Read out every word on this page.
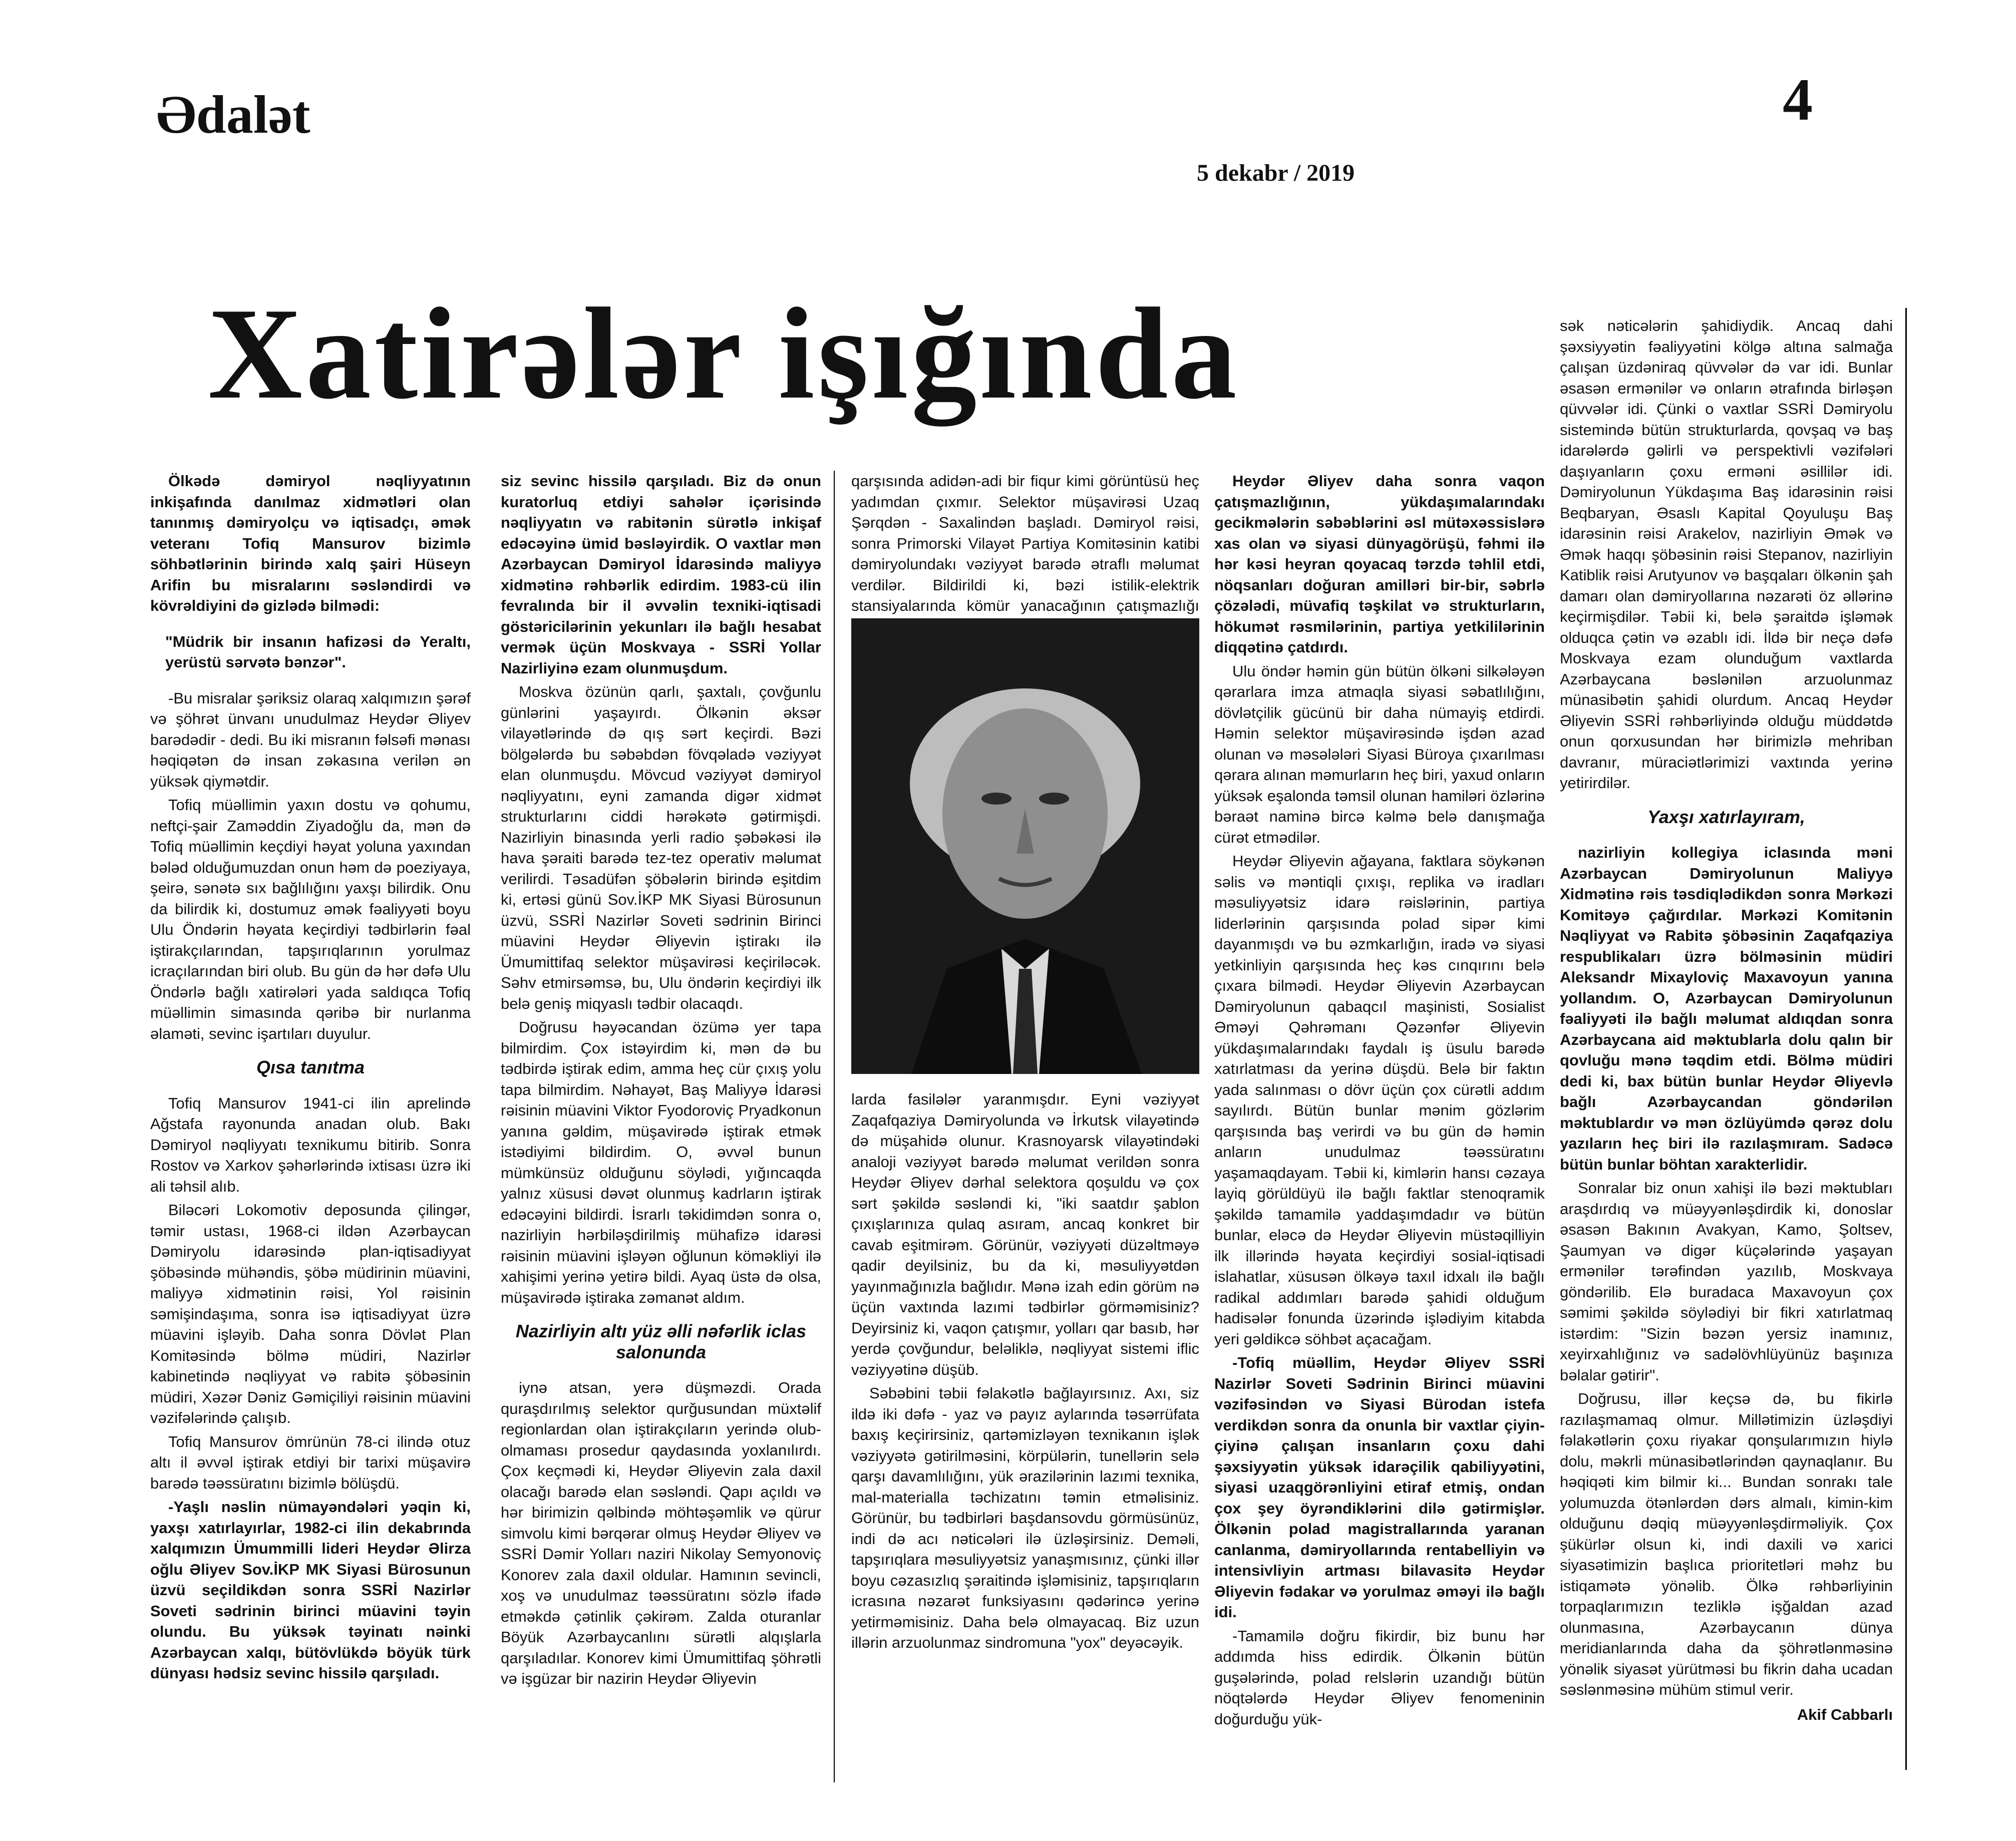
Ədalət	4
5 dekabr / 2019
Xatirələr işığında

Ölkədə dəmiryol nəqliyyatının inkişafında danılmaz xidmətləri olan tanınmış dəmiryolçu və iqtisadçı, əmək veteranı Tofiq Mansurov bizimlə söhbətlərinin birində xalq şairi Hüseyn Arifin bu misralarını səsləndirdi və kövrəldiyini də gizlədə bilmədi:

"Müdrik bir insanın hafizəsi də Yeraltı, yerüstü sərvətə bənzər".

-Bu misralar şəriksiz olaraq xalqımızın şərəf və şöhrət ünvanı unudulmaz Heydər Əliyev barədədir - dedi. Bu iki misranın fəlsəfi mənası həqiqətən də insan zəkasına verilən ən yüksək qiymətdir.

Tofiq müəllimin yaxın dostu və qohumu, neftçi-şair Zaməddin Ziyadoğlu da, mən də Tofiq müəllimin keçdiyi həyat yoluna yaxından bələd olduğumuzdan onun həm də poeziyaya, şeirə, sənətə sıx bağlılığını yaxşı bilirdik. Onu da bilirdik ki, dostumuz əmək fəaliyyəti boyu Ulu Öndərin həyata keçirdiyi tədbirlərin fəal iştirakçılarından, tapşırıqlarının yorulmaz icraçılarından biri olub. Bu gün də hər dəfə Ulu Öndərlə bağlı xatirələri yada saldıqca Tofiq müəllimin simasında qəribə bir nurlanma əlaməti, sevinc işartıları duyulur.

Qısa tanıtma

Tofiq Mansurov 1941-ci ilin aprelində Ağstafa rayonunda anadan olub. Bakı Dəmiryol nəqliyyatı texnikumu bitirib. Sonra Rostov və Xarkov şəhərlərində ixtisası üzrə iki ali təhsil alıb.

Biləcəri Lokomotiv deposunda çilingər, təmir ustası, 1968-ci ildən Azərbaycan Dəmiryolu idarəsində plan-iqtisadiyyat şöbəsində mühəndis, şöbə müdirinin müavini, maliyyə xidmətinin rəisi, Yol rəisinin səmişindaşıma, sonra isə iqtisadiyyat üzrə müavini işləyib. Daha sonra Dövlət Plan Komitəsində bölmə müdiri, Nazirlər kabinetində nəqliyyat və rabitə şöbəsinin müdiri, Xəzər Dəniz Gəmiçiliyi rəisinin müavini vəzifələrində çalışıb.

Tofiq Mansurov ömrünün 78-ci ilində otuz altı il əvvəl iştirak etdiyi bir tarixi müşavirə barədə təəssüratını bizimlə bölüşdü.

-Yaşlı nəslin nümayəndələri yəqin ki, yaxşı xatırlayırlar, 1982-ci ilin dekabrında xalqımızın Ümummilli lideri Heydər Əlirza oğlu Əliyev Sov.İKP MK Siyasi Bürosunun üzvü seçildikdən sonra SSRİ Nazirlər Soveti sədrinin birinci müavini təyin olundu. Bu yüksək təyinatı nəinki Azərbaycan xalqı, bütövlükdə böyük türk dünyası hədsiz sevinc hissilə qarşıladı.

siz sevinc hissilə qarşıladı. Biz də onun kuratorluq etdiyi sahələr içərisində nəqliyyatın və rabitənin sürətlə inkişaf edəcəyinə ümid bəsləyirdik. O vaxtlar mən Azərbaycan Dəmiryol İdarəsində maliyyə xidmətinə rəhbərlik edirdim. 1983-cü ilin fevralında bir il əvvəlin texniki-iqtisadi göstəricilərinin yekunları ilə bağlı hesabat vermək üçün Moskvaya - SSRİ Yollar Nazirliyinə ezam olunmuşdum.

Moskva özünün qarlı, şaxtalı, çovğunlu günlərini yaşayırdı. Ölkənin əksər vilayətlərində də qış sərt keçirdi. Bəzi bölgələrdə bu səbəbdən fövqəladə vəziyyət elan olunmuşdu. Mövcud vəziyyət dəmiryol nəqliyyatını, eyni zamanda digər xidmət strukturlarını ciddi hərəkətə gətirmişdi. Nazirliyin binasında yerli radio şəbəkəsi ilə hava şəraiti barədə tez-tez operativ məlumat verilirdi. Təsadüfən şöbələrin birində eşitdim ki, ertəsi günü Sov.İKP MK Siyasi Bürosunun üzvü, SSRİ Nazirlər Soveti sədrinin Birinci müavini Heydər Əliyevin iştirakı ilə Ümumittifaq selektor müşavirəsi keçiriləcək. Səhv etmirsəmsə, bu, Ulu öndərin keçirdiyi ilk belə geniş miqyaslı tədbir olacaqdı.

Doğrusu həyəcandan özümə yer tapa bilmirdim. Çox istəyirdim ki, mən də bu tədbirdə iştirak edim, amma heç cür çıxış yolu tapa bilmirdim. Nəhayət, Baş Maliyyə İdarəsi rəisinin müavini Viktor Fyodoroviç Pryadkonun yanına gəldim, müşavirədə iştirak etmək istədiyimi bildirdim. O, əvvəl bunun mümkünsüz olduğunu söylədi, yığıncaqda yalnız xüsusi dəvət olunmuş kadrların iştirak edəcəyini bildirdi. İsrarlı təkidimdən sonra o, nazirliyin hərbiləşdirilmiş mühafizə idarəsi rəisinin müavini işləyən oğlunun köməkliyi ilə xahişimi yerinə yetirə bildi. Ayaq üstə də olsa, müşavirədə iştiraka zəmanət aldım.

Nazirliyin altı yüz əlli nəfərlik iclas salonunda

iynə atsan, yerə düşməzdi. Orada quraşdırılmış selektor qurğusundan müxtəlif regionlardan olan iştirakçıların yerində olub-olmaması prosedur qaydasında yoxlanılırdı. Çox keçmədi ki, Heydər Əliyevin zala daxil olacağı barədə elan səsləndi. Qapı açıldı və hər birimizin qəlbində möhtəşəmlik və qürur simvolu kimi bərqərar olmuş Heydər Əliyev və SSRİ Dəmir Yolları naziri Nikolay Semyonoviç Konorev zala daxil oldular. Hamının sevincli, xoş və unudulmaz təəssüratını sözlə ifadə etməkdə çətinlik çəkirəm. Zalda oturanlar Böyük Azərbaycanlını sürətli alqışlarla qarşıladılar. Konorev kimi Ümumittifaq şöhrətli və işgüzar bir nazirin Heydər Əliyevin

qarşısında adidən-adi bir fiqur kimi görüntüsü heç yadımdan çıxmır. Selektor müşavirəsi Uzaq Şərqdən - Saxalindən başladı. Dəmiryol rəisi, sonra Primorski Vilayət Partiya Komitəsinin katibi dəmiryolundakı vəziyyət barədə ətraflı məlumat verdilər. Bildirildi ki, bəzi istilik-elektrik stansiyalarında kömür yanacağının çatışmazlığı

larda fasilələr yaranmışdır. Eyni vəziyyət Zaqafqaziya Dəmiryolunda və İrkutsk vilayətində də müşahidə olunur. Krasnoyarsk vilayətindəki analoji vəziyyət barədə məlumat verildən sonra Heydər Əliyev dərhal selektora qoşuldu və çox sərt şəkildə səsləndi ki, "iki saatdır şablon çıxışlarınıza qulaq asıram, ancaq konkret bir cavab eşitmirəm. Görünür, vəziyyəti düzəltməyə qadir deyilsiniz, bu da ki, məsuliyyətdən yayınmağınızla bağlıdır. Mənə izah edin görüm nə üçün vaxtında lazımi tədbirlər görməmisiniz? Deyirsiniz ki, vaqon çatışmır, yolları qar basıb, hər yerdə çovğundur, beləliklə, nəqliyyat sistemi iflic vəziyyətinə düşüb.

Səbəbini təbii fəlakətlə bağlayırsınız. Axı, siz ildə iki dəfə - yaz və payız aylarında təsərrüfata baxış keçirirsiniz, qartəmizləyən texnikanın işlək vəziyyətə gətirilməsini, körpülərin, tunellərin selə qarşı davamlılığını, yük ərazilərinin lazımi texnika, mal-materialla təchizatını təmin etməlisiniz. Görünür, bu tədbirləri başdansovdu görmüsünüz, indi də acı nəticələri ilə üzləşirsiniz. Deməli, tapşırıqlara məsuliyyətsiz yanaşmısınız, çünki illər boyu cəzasızlıq şəraitində işləmisiniz, tapşırıqların icrasına nəzarət funksiyasını qədərincə yerinə yetirməmisiniz. Daha belə olmayacaq. Biz uzun illərin arzuolunmaz sindromuna "yox" deyəcəyik.

Heydər Əliyev daha sonra vaqon çatışmazlığının, yükdaşımalarındakı gecikmələrin səbəblərini əsl mütəxəssislərə xas olan və siyasi dünyagörüşü, fəhmi ilə hər kəsi heyran qoyacaq tərzdə təhlil etdi, nöqsanları doğuran amilləri bir-bir, səbrlə çözələdi, müvafiq təşkilat və strukturların, hökumət rəsmilərinin, partiya yetkililərinin diqqətinə çatdırdı.

Ulu öndər həmin gün bütün ölkəni silkələyən qərarlara imza atmaqla siyasi səbatlılığını, dövlətçilik gücünü bir daha nümayiş etdirdi. Həmin selektor müşavirəsində işdən azad olunan və məsələləri Siyasi Büroya çıxarılması qərara alınan məmurların heç biri, yaxud onların yüksək eşalonda təmsil olunan hamiləri özlərinə bəraət naminə bircə kəlmə belə danışmağa cürət etmədilər.

Heydər Əliyevin ağayana, faktlara söykənən səlis və məntiqli çıxışı, replika və iradları məsuliyyətsiz idarə rəislərinin, partiya liderlərinin qarşısında polad sipər kimi dayanmışdı və bu əzmkarlığın, iradə və siyasi yetkinliyin qarşısında heç kəs cınqırını belə çıxara bilmədi. Heydər Əliyevin Azərbaycan Dəmiryolunun qabaqcıl maşinisti, Sosialist Əməyi Qəhrəmanı Qəzənfər Əliyevin yükdaşımalarındakı faydalı iş üsulu barədə xatırlatması da yerinə düşdü. Belə bir faktın yada salınması o dövr üçün çox cürətli addım sayılırdı. Bütün bunlar mənim gözlərim qarşısında baş verirdi və bu gün də həmin anların unudulmaz təəssüratını yaşamaqdayam. Təbii ki, kimlərin hansı cəzaya layiq görüldüyü ilə bağlı faktlar stenoqramik şəkildə tamamilə yaddaşımdadır və bütün bunlar, eləcə də Heydər Əliyevin müstəqilliyin ilk illərində həyata keçirdiyi sosial-iqtisadi islahatlar, xüsusən ölkəyə taxıl idxalı ilə bağlı radikal addımları barədə şahidi olduğum hadisələr fonunda üzərində işlədiyim kitabda yeri gəldikcə söhbət açacağam.

-Tofiq müəllim, Heydər Əliyev SSRİ Nazirlər Soveti Sədrinin Birinci müavini vəzifəsindən və Siyasi Bürodan istefa verdikdən sonra da onunla bir vaxtlar çiyin-çiyinə çalışan insanların çoxu dahi şəxsiyyətin yüksək idarəçilik qabiliyyətini, siyasi uzaqgörənliyini etiraf etmiş, ondan çox şey öyrəndiklərini dilə gətirmişlər. Ölkənin polad magistrallarında yaranan canlanma, dəmiryollarında rentabelliyin və intensivliyin artması bilavasitə Heydər Əliyevin fədakar və yorulmaz əməyi ilə bağlı idi.

-Tamamilə doğru fikirdir, biz bunu hər addımda hiss edirdik. Ölkənin bütün guşələrində, polad relslərin uzandığı bütün nöqtələrdə Heydər Əliyev fenomeninin doğurduğu yük-

sək nəticələrin şahidiydik. Ancaq dahi şəxsiyyətin fəaliyyətini kölgə altına salmağa çalışan üzdəniraq qüvvələr də var idi. Bunlar əsasən ermənilər və onların ətrafında birləşən qüvvələr idi. Çünki o vaxtlar SSRİ Dəmiryolu sistemində bütün strukturlarda, qovşaq və baş idarələrdə gəlirli və perspektivli vəzifələri daşıyanların çoxu erməni əsillilər idi. Dəmiryolunun Yükdaşıma Baş idarəsinin rəisi Beqbaryan, Əsaslı Kapital Qoyuluşu Baş idarəsinin rəisi Arakelov, nazirliyin Əmək və Əmək haqqı şöbəsinin rəisi Stepanov, nazirliyin Katiblik rəisi Arutyunov və başqaları ölkənin şah damarı olan dəmiryollarına nəzarəti öz əllərinə keçirmişdilər. Təbii ki, belə şəraitdə işləmək olduqca çətin və əzablı idi. İldə bir neçə dəfə Moskvaya ezam olunduğum vaxtlarda Azərbaycana bəslənilən arzuolunmaz münasibətin şahidi olurdum. Ancaq Heydər Əliyevin SSRİ rəhbərliyində olduğu müddətdə onun qorxusundan hər birimizlə mehriban davranır, müraciətlərimizi vaxtında yerinə yetirirdilər.

Yaxşı xatırlayıram,

nazirliyin kollegiya iclasında məni Azərbaycan Dəmiryolunun Maliyyə Xidmətinə rəis təsdiqlədikdən sonra Mərkəzi Komitəyə çağırdılar. Mərkəzi Komitənin Nəqliyyat və Rabitə şöbəsinin Zaqafqaziya respublikaları üzrə bölməsinin müdiri Aleksandr Mixayloviç Maxavoyun yanına yollandım. O, Azərbaycan Dəmiryolunun fəaliyyəti ilə bağlı məlumat aldıqdan sonra Azərbaycana aid məktublarla dolu qalın bir qovluğu mənə təqdim etdi. Bölmə müdiri dedi ki, bax bütün bunlar Heydər Əliyevlə bağlı Azərbaycandan göndərilən məktublardır və mən özlüyümdə qərəz dolu yazıların heç biri ilə razılaşmıram. Sadəcə bütün bunlar böhtan xarakterlidir.

Sonralar biz onun xahişi ilə bəzi məktubları araşdırdıq və müəyyənləşdirdik ki, donoslar əsasən Bakının Avakyan, Kamo, Şoltsev, Şaumyan və digər küçələrində yaşayan ermənilər tərəfindən yazılıb, Moskvaya göndərilib. Elə buradaca Maxavoyun çox səmimi şəkildə söylədiyi bir fikri xatırlatmaq istərdim: "Sizin bəzən yersiz inamınız, xeyirxahlığınız və sadəlövhlüyünüz başınıza bəlalar gətirir".

Doğrusu, illər keçsə də, bu fikirlə razılaşmamaq olmur. Millətimizin üzləşdiyi fəlakətlərin çoxu riyakar qonşularımızın hiylə dolu, məkrli münasibətlərindən qaynaqlanır. Bu həqiqəti kim bilmir ki... Bundan sonrakı tale yolumuzda ötənlərdən dərs almalı, kimin-kim olduğunu dəqiq müəyyənləşdirməliyik. Çox şükürlər olsun ki, indi daxili və xarici siyasətimizin başlıca prioritetləri məhz bu istiqamətə yönəlib. Ölkə rəhbərliyinin torpaqlarımızın tezliklə işğaldan azad olunmasına, Azərbaycanın dünya meridianlarında daha da şöhrətlənməsinə yönəlik siyasət yürütməsi bu fikrin daha ucadan səslənməsinə mühüm stimul verir.

Akif Cabbarlı
